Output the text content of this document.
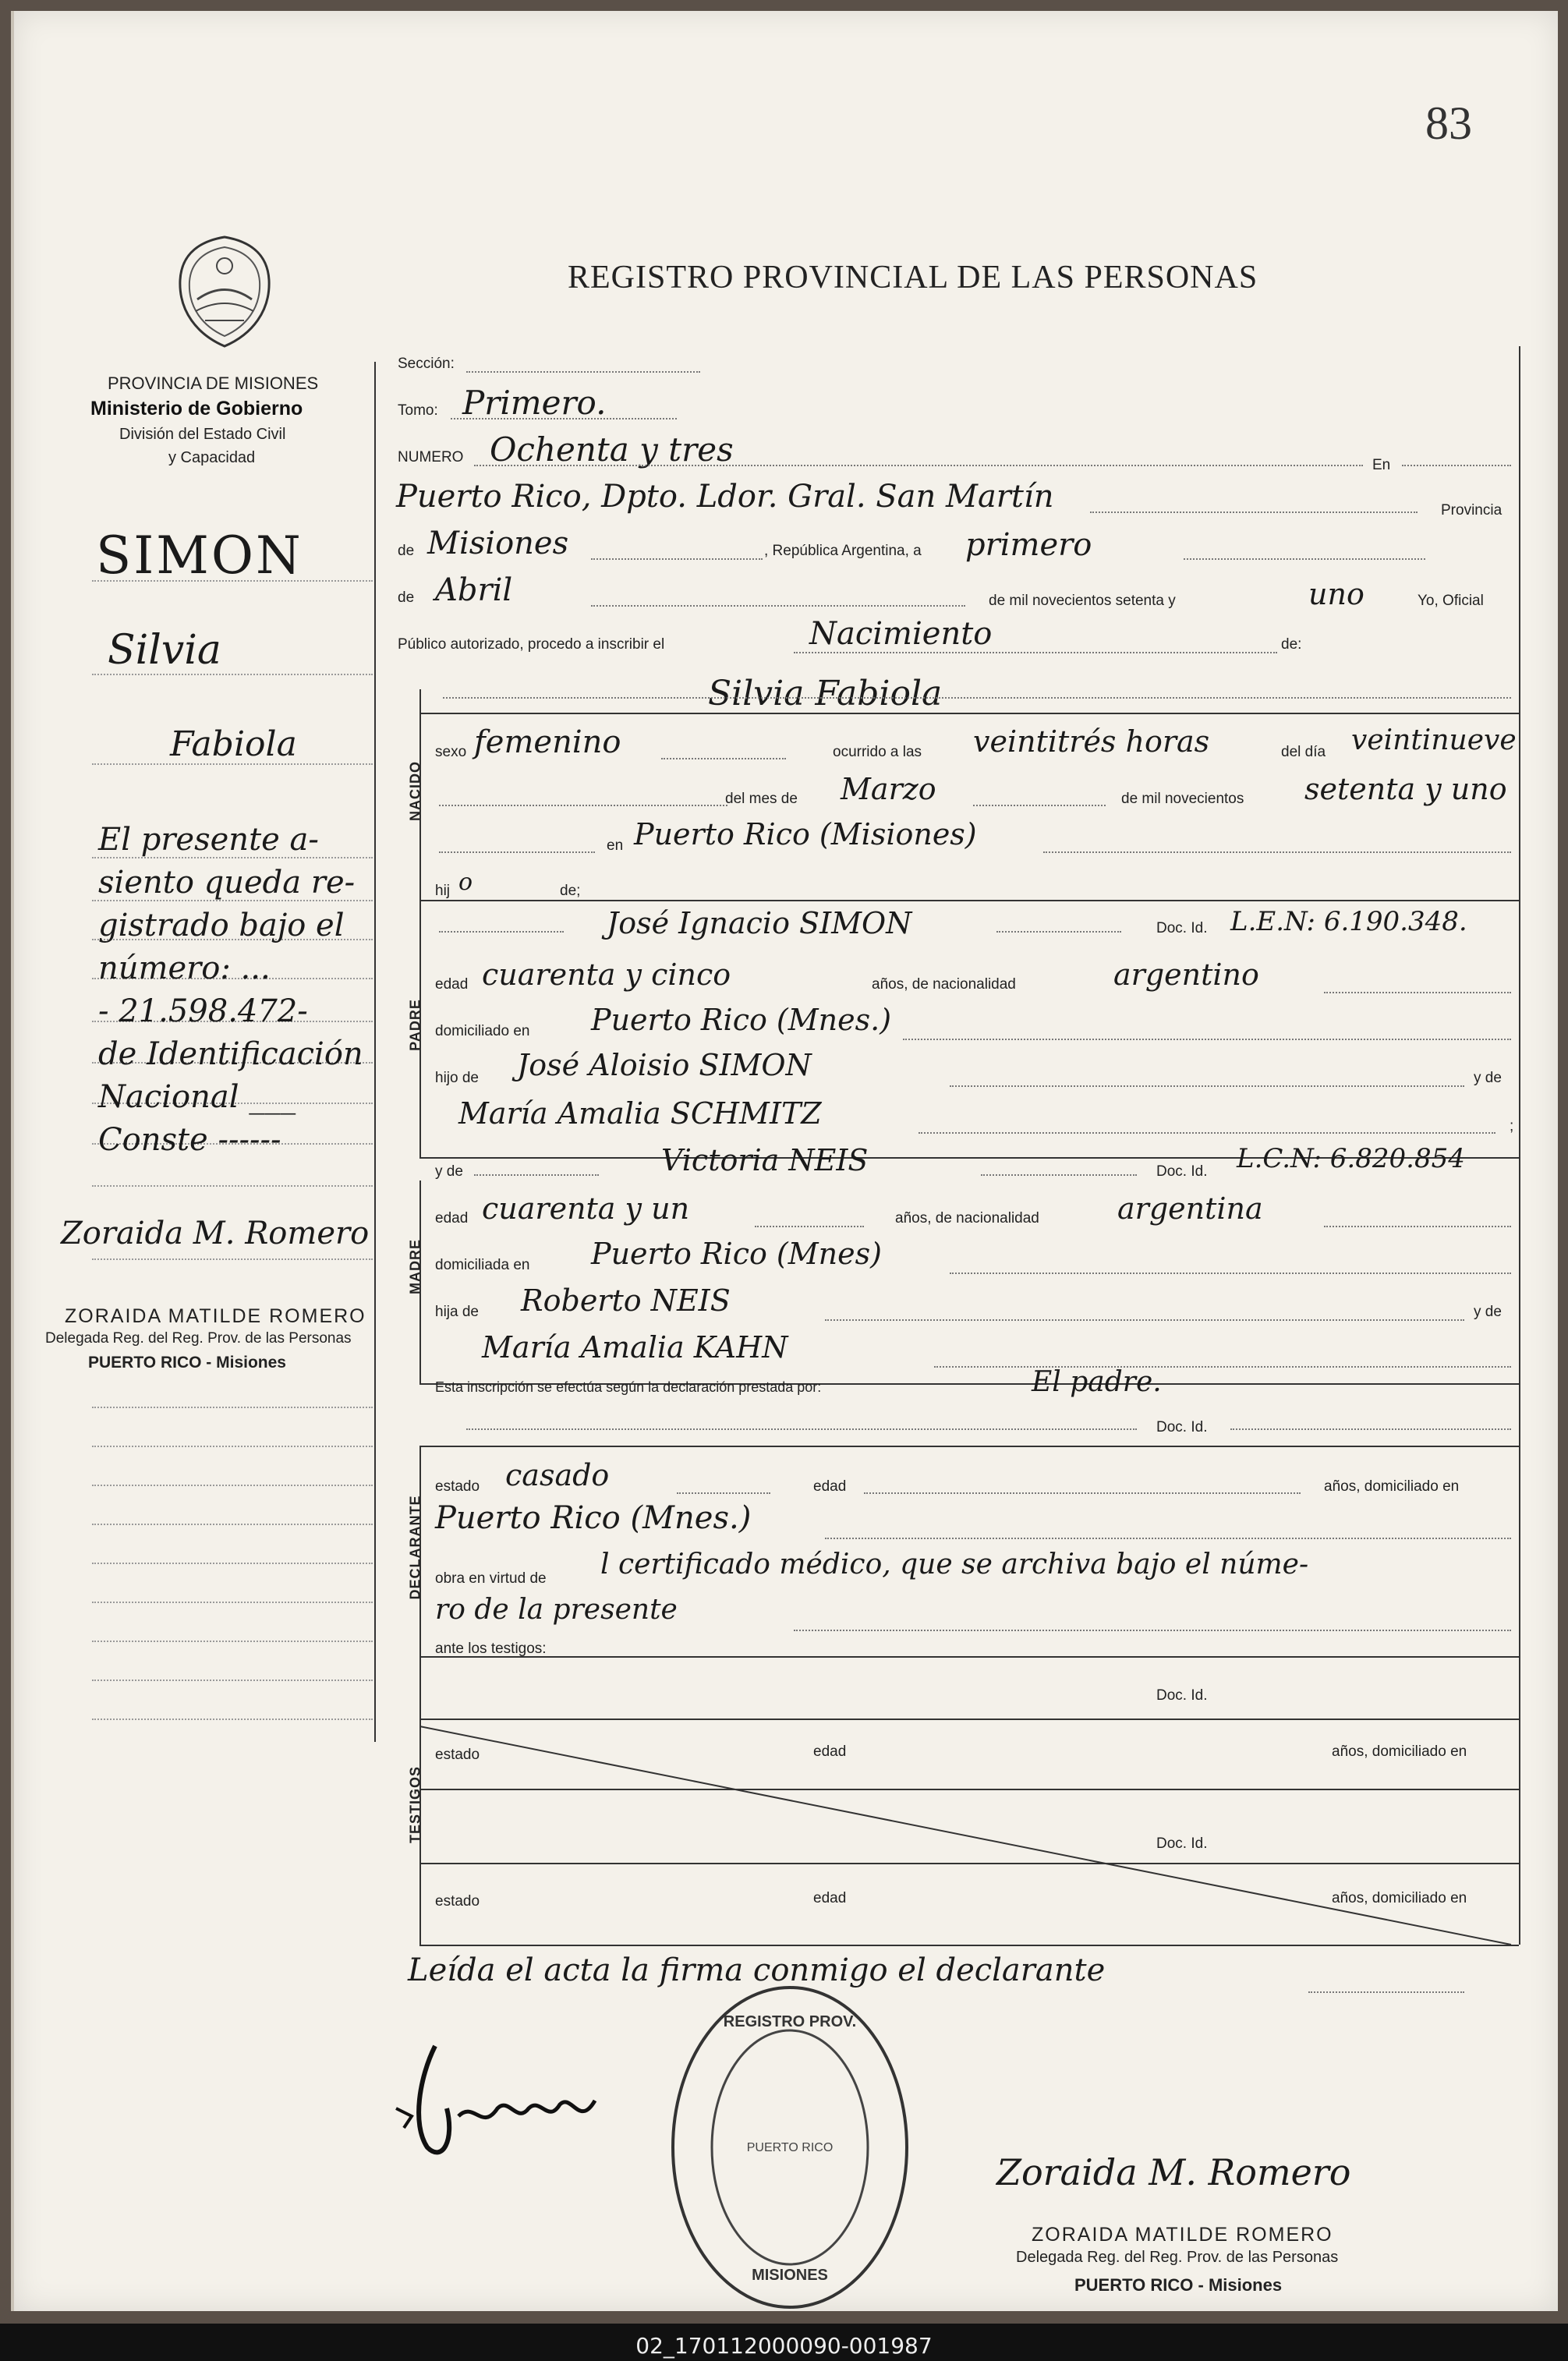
83
REGISTRO PROVINCIAL DE LAS PERSONAS
PROVINCIA DE MISIONES
Ministerio de Gobierno
División del Estado Civil
y Capacidad
SIMON
Silvia
Fabiola
El presente a-
siento queda re-
gistrado bajo el
número: ...
- 21.598.472-
de Identificación
Nacional ___
Conste ------
Zoraida M. Romero
ZORAIDA MATILDE ROMERO
Delegada Reg. del Reg. Prov. de las Personas
PUERTO RICO - Misiones
Sección:
Tomo: Primero.
NUMERO Ochenta y tres	En
Puerto Rico, Dpto. Ldor. Gral. San Martín	Provincia
de Misiones	, República Argentina, a primero
de Abril	de mil novecientos setenta y	uno	Yo, Oficial
Público autorizado, procedo a inscribir el	Nacimiento	de:
NACIDO
Silvia Fabiola
sexo femenino	ocurrido a las veintitrés horas	del día veintinueve
del mes de Marzo	de mil novecientos setenta y uno
en Puerto Rico (Misiones)
hij o	de;
PADRE
José Ignacio SIMON	Doc. Id. L.E.N: 6.190.348.
edad cuarenta y cinco	años, de nacionalidad	argentino
domiciliado en Puerto Rico (Mnes.)
hijo de José Aloisio SIMON	y de
María Amalia SCHMITZ	;
y de	Victoria NEIS	Doc. Id. L.C.N: 6.820.854
MADRE
edad cuarenta y un	años, de nacionalidad	argentina
domiciliada en Puerto Rico (Mnes)
hija de Roberto NEIS	y de
María Amalia KAHN
Esta inscripción se efectúa según la declaración prestada por:	El padre.
Doc. Id.
DECLARANTE
estado casado	edad	años, domiciliado en
Puerto Rico (Mnes.)
obra en virtud de l certificado médico, que se archiva bajo el núme-
ro de la presente
ante los testigos:
TESTIGOS
Doc. Id.
estado	edad	años, domiciliado en
Doc. Id.
estado	edad	años, domiciliado en
Leída el acta la firma conmigo el declarante
REGISTRO PROV.
MISIONES
PUERTO RICO
Zoraida M. Romero
ZORAIDA MATILDE ROMERO
Delegada Reg. del Reg. Prov. de las Personas
PUERTO RICO - Misiones
02_170112000090-001987
